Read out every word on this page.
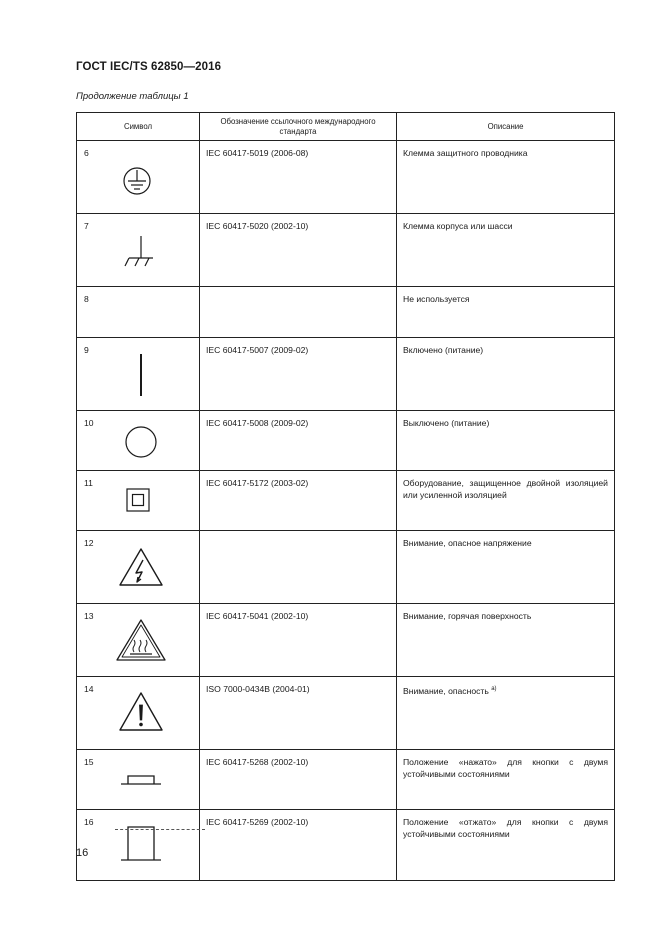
ГОСТ IEC/TS 62850—2016
Продолжение таблицы 1
Символ	Обозначение ссылочного международного стандарта	Описание

6	IEC 60417-5019 (2006-08)	Клемма защитного проводника

7	IEC 60417-5020 (2002-10)	Клемма корпуса или шасси

8		Не используется

9	IEC 60417-5007 (2009-02)	Включено (питание)

10	IEC 60417-5008 (2009-02)	Выключено (питание)

11	IEC 60417-5172 (2003-02)	Оборудование, защищенное двойной изоляцией или усиленной изоляцией

12		Внимание, опасное напряжение

13	IEC 60417-5041 (2002-10)	Внимание, горячая поверхность

14	ISO 7000-0434B (2004-01)	Внимание, опасность $^{а)}$

15	IEC 60417-5268 (2002-10)	Положение «нажато» для кнопки с двумя устойчивыми состояниями

16	IEC 60417-5269 (2002-10)	Положение «отжато» для кнопки с двумя устойчивыми состояниями
16
